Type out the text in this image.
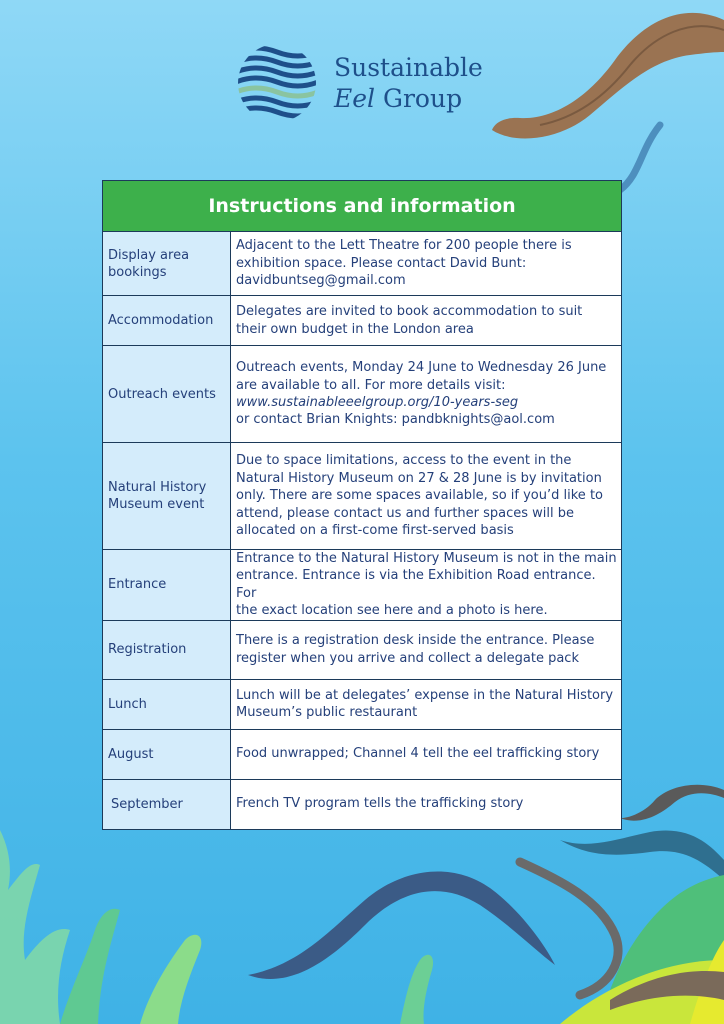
Sustainable
Eel Group
Instructions and information	
Display area bookings	Adjacent to the Lett Theatre for 200 people there is
exhibition space. Please contact David Bunt:
davidbuntseg@gmail.com

Accommodation	Delegates are invited to book accommodation to suit
their own budget in the London area

Outreach events	Outreach events, Monday 24 June to Wednesday 26 June
are available to all. For more details visit:
www.sustainableeelgroup.org/10-years-seg
or contact Brian Knights: pandbknights@aol.com

Natural History Museum event	Due to space limitations, access to the event in the
Natural History Museum on 27 & 28 June is by invitation
only. There are some spaces available, so if you’d like to
attend, please contact us and further spaces will be
allocated on a first-come first-served basis

Entrance	Entrance to the Natural History Museum is not in the main
entrance. Entrance is via the Exhibition Road entrance. For
the exact location see here and a photo is here.

Registration	There is a registration desk inside the entrance. Please
register when you arrive and collect a delegate pack

Lunch	Lunch will be at delegates’ expense in the Natural History
Museum’s public restaurant

August	Food unwrapped; Channel 4 tell the eel trafficking story

September	French TV program tells the trafficking story
